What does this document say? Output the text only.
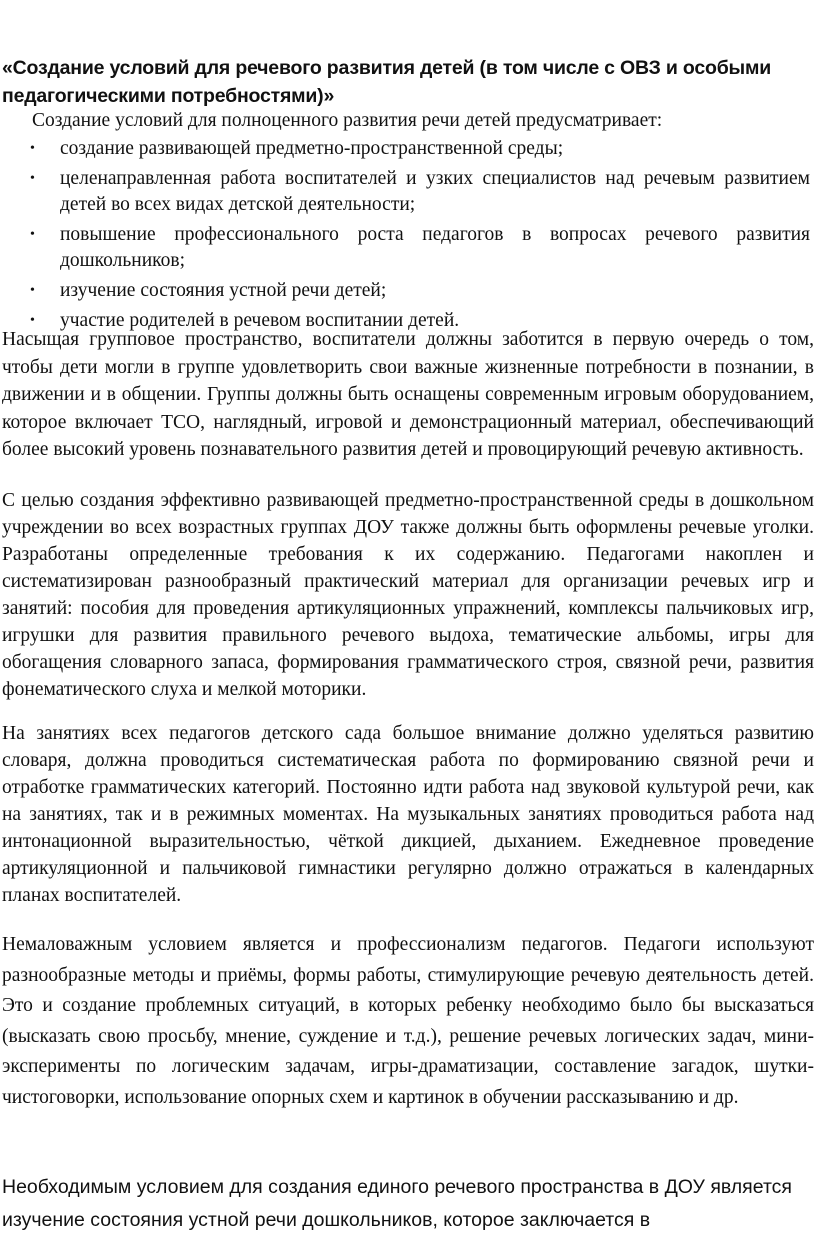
«Создание условий для речевого развития детей (в том числе с ОВЗ и особыми педагогическими потребностями)»
Создание условий для полноценного развития речи детей предусматривает:
• создание развивающей предметно-пространственной среды;
• целенаправленная работа воспитателей и узких специалистов над речевым развитием детей во всех видах детской деятельности;
• повышение профессионального роста педагогов в вопросах речевого развития дошкольников;
• изучение состояния устной речи детей;
• участие родителей в речевом воспитании детей.
Насыщая групповое пространство, воспитатели должны заботится в первую очередь о том, чтобы дети могли в группе удовлетворить свои важные жизненные потребности в познании, в движении и в общении. Группы должны быть оснащены современным игровым оборудованием, которое включает ТСО, наглядный, игровой и демонстрационный материал, обеспечивающий более высокий уровень познавательного развития детей и провоцирующий речевую активность.
С целью создания эффективно развивающей предметно-пространственной среды в дошкольном учреждении во всех возрастных группах ДОУ также должны быть оформлены речевые уголки. Разработаны определенные требования к их содержанию. Педагогами накоплен и систематизирован разнообразный практический материал для организации речевых игр и занятий: пособия для проведения артикуляционных упражнений, комплексы пальчиковых игр, игрушки для развития правильного речевого выдоха, тематические альбомы, игры для обогащения словарного запаса, формирования грамматического строя, связной речи, развития фонематического слуха и мелкой моторики.
На занятиях всех педагогов детского сада большое внимание должно уделяться развитию словаря, должна проводиться систематическая работа по формированию связной речи и отработке грамматических категорий. Постоянно идти работа над звуковой культурой речи, как на занятиях, так и в режимных моментах. На музыкальных занятиях проводиться работа над интонационной выразительностью, чёткой дикцией, дыханием. Ежедневное проведение артикуляционной и пальчиковой гимнастики регулярно должно отражаться в календарных планах воспитателей.
Немаловажным условием является и профессионализм педагогов. Педагоги используют разнообразные методы и приёмы, формы работы, стимулирующие речевую деятельность детей. Это и создание проблемных ситуаций, в которых ребенку необходимо было бы высказаться (высказать свою просьбу, мнение, суждение и т.д.), решение речевых логических задач, мини-эксперименты по логическим задачам, игры-драматизации, составление загадок, шутки-чистоговорки, использование опорных схем и картинок в обучении рассказыванию и др.
Необходимым условием для создания единого речевого пространства в ДОУ является изучение состояния устной речи дошкольников, которое заключается в
